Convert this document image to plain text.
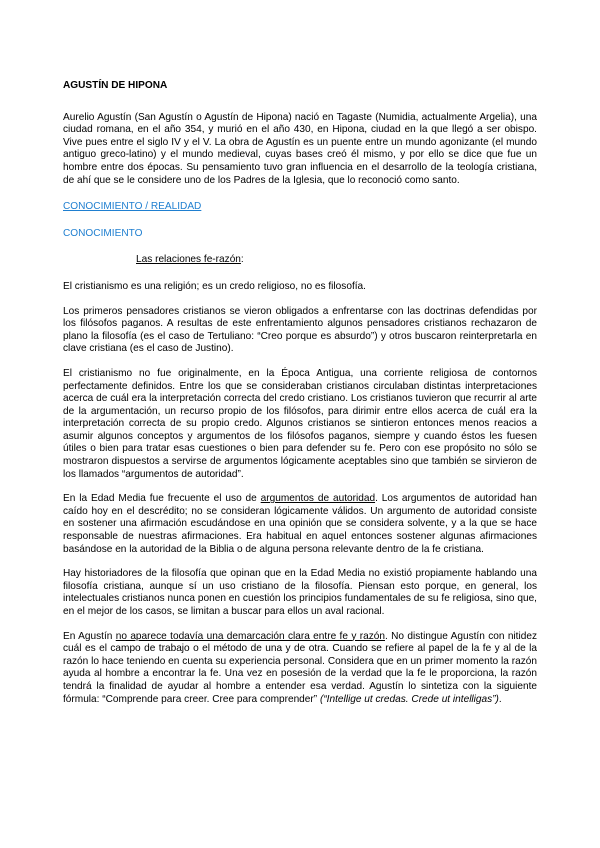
AGUSTÍN DE HIPONA

Aurelio Agustín (San Agustín o Agustín de Hipona) nació en Tagaste (Numidia, actualmente Argelia), una ciudad romana, en el año 354, y murió en el año 430, en Hipona, ciudad en la que llegó a ser obispo. Vive pues entre el siglo IV y el V. La obra de Agustín es un puente entre un mundo agonizante (el mundo antiguo greco-latino) y el mundo medieval, cuyas bases creó él mismo, y por ello se dice que fue un hombre entre dos épocas. Su pensamiento tuvo gran influencia en el desarrollo de la teología cristiana, de ahí que se le considere uno de los Padres de la Iglesia, que lo reconoció como santo.

CONOCIMIENTO / REALIDAD
CONOCIMIENTO
Las relaciones fe-razón:

El cristianismo es una religión; es un credo religioso, no es filosofía.

Los primeros pensadores cristianos se vieron obligados a enfrentarse con las doctrinas defendidas por los filósofos paganos. A resultas de este enfrentamiento algunos pensadores cristianos rechazaron de plano la filosofía (es el caso de Tertuliano: “Creo porque es absurdo”) y otros buscaron reinterpretarla en clave cristiana (es el caso de Justino).

El cristianismo no fue originalmente, en la Época Antigua, una corriente religiosa de contornos perfectamente definidos. Entre los que se consideraban cristianos circulaban distintas interpretaciones acerca de cuál era la interpretación correcta del credo cristiano. Los cristianos tuvieron que recurrir al arte de la argumentación, un recurso propio de los filósofos, para dirimir entre ellos acerca de cuál era la interpretación correcta de su propio credo. Algunos cristianos se sintieron entonces menos reacios a asumir algunos conceptos y argumentos de los filósofos paganos, siempre y cuando éstos les fuesen útiles o bien para tratar esas cuestiones o bien para defender su fe. Pero con ese propósito no sólo se mostraron dispuestos a servirse de argumentos lógicamente aceptables sino que también se sirvieron de los llamados “argumentos de autoridad”.

En la Edad Media fue frecuente el uso de argumentos de autoridad. Los argumentos de autoridad han caído hoy en el descrédito; no se consideran lógicamente válidos. Un argumento de autoridad consiste en sostener una afirmación escudándose en una opinión que se considera solvente, y a la que se hace responsable de nuestras afirmaciones. Era habitual en aquel entonces sostener algunas afirmaciones basándose en la autoridad de la Biblia o de alguna persona relevante dentro de la fe cristiana.

Hay historiadores de la filosofía que opinan que en la Edad Media no existió propiamente hablando una filosofía cristiana, aunque sí un uso cristiano de la filosofía. Piensan esto porque, en general, los intelectuales cristianos nunca ponen en cuestión los principios fundamentales de su fe religiosa, sino que, en el mejor de los casos, se limitan a buscar para ellos un aval racional.

En Agustín no aparece todavía una demarcación clara entre fe y razón. No distingue Agustín con nitidez cuál es el campo de trabajo o el método de una y de otra. Cuando se refiere al papel de la fe y al de la razón lo hace teniendo en cuenta su experiencia personal. Considera que en un primer momento la razón ayuda al hombre a encontrar la fe. Una vez en posesión de la verdad que la fe le proporciona, la razón tendrá la finalidad de ayudar al hombre a entender esa verdad. Agustín lo sintetiza con la siguiente fórmula: “Comprende para creer. Cree para comprender” (“Intellige ut credas. Crede ut intelligas”).
